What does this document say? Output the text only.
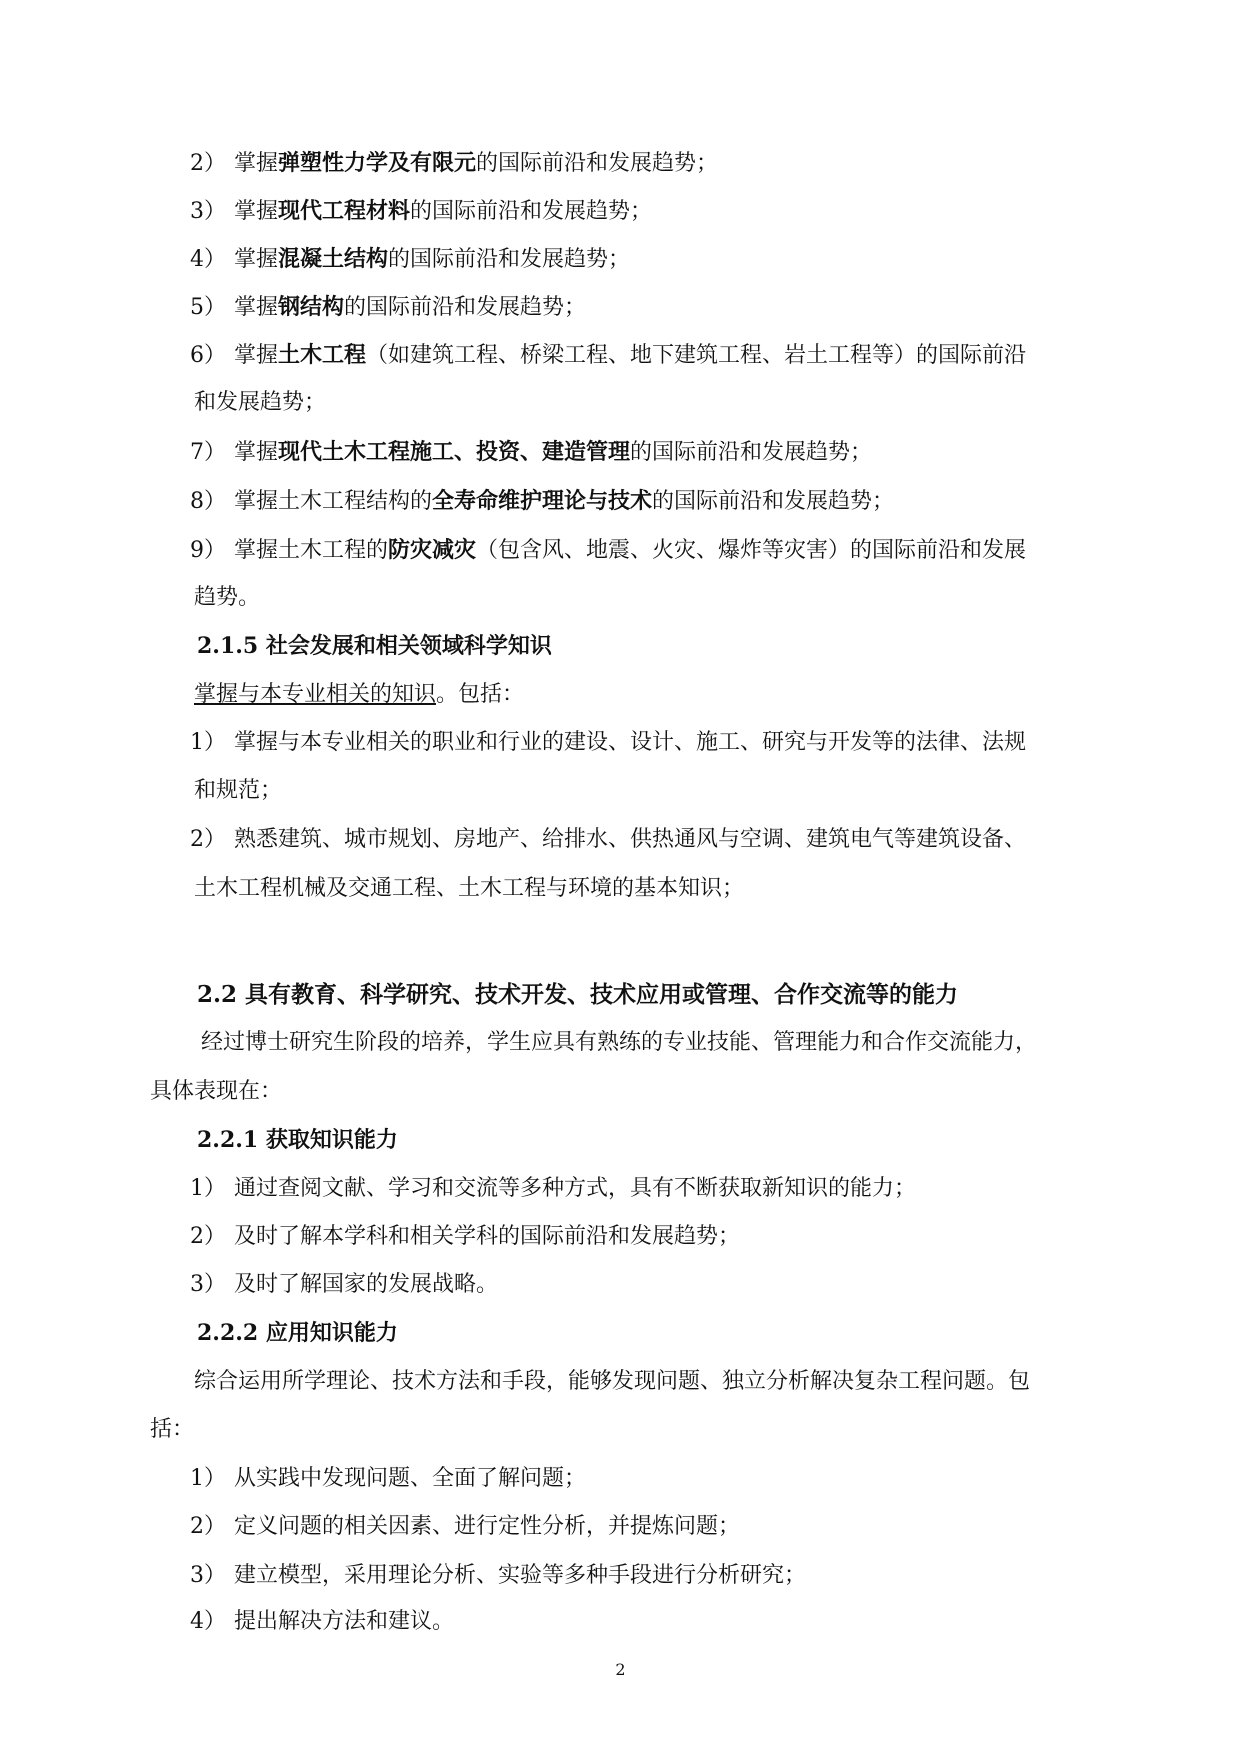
2） 掌握弹塑性力学及有限元的国际前沿和发展趋势；
3） 掌握现代工程材料的国际前沿和发展趋势；
4） 掌握混凝土结构的国际前沿和发展趋势；
5） 掌握钢结构的国际前沿和发展趋势；
6） 掌握土木工程（如建筑工程、桥梁工程、地下建筑工程、岩土工程等）的国际前沿
和发展趋势；
7） 掌握现代土木工程施工、投资、建造管理的国际前沿和发展趋势；
8） 掌握土木工程结构的全寿命维护理论与技术的国际前沿和发展趋势；
9） 掌握土木工程的防灾减灾（包含风、地震、火灾、爆炸等灾害）的国际前沿和发展
趋势。
2.1.5 社会发展和相关领域科学知识
掌握与本专业相关的知识。包括：
1） 掌握与本专业相关的职业和行业的建设、设计、施工、研究与开发等的法律、法规
和规范；
2） 熟悉建筑、城市规划、房地产、给排水、供热通风与空调、建筑电气等建筑设备、
土木工程机械及交通工程、土木工程与环境的基本知识；
2.2 具有教育、科学研究、技术开发、技术应用或管理、合作交流等的能力
经过博士研究生阶段的培养，学生应具有熟练的专业技能、管理能力和合作交流能力，
具体表现在：
2.2.1 获取知识能力
1） 通过查阅文献、学习和交流等多种方式，具有不断获取新知识的能力；
2） 及时了解本学科和相关学科的国际前沿和发展趋势；
3） 及时了解国家的发展战略。
2.2.2 应用知识能力
综合运用所学理论、技术方法和手段，能够发现问题、独立分析解决复杂工程问题。包
括：
1） 从实践中发现问题、全面了解问题；
2） 定义问题的相关因素、进行定性分析，并提炼问题；
3） 建立模型，采用理论分析、实验等多种手段进行分析研究；
4） 提出解决方法和建议。
2
